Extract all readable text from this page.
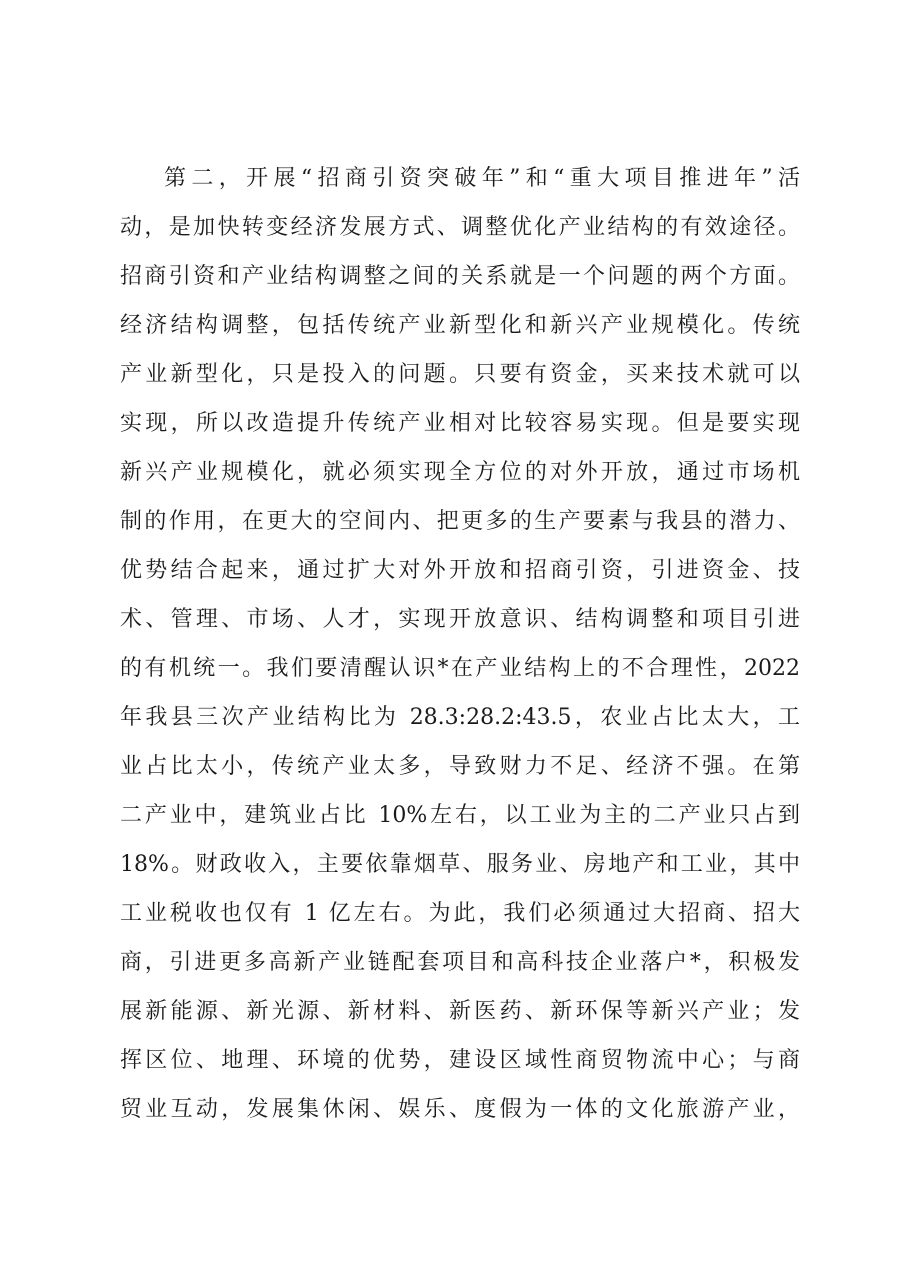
第二，开展“招商引资突破年”和“重大项目推进年”活
动，是加快转变经济发展方式、调整优化产业结构的有效途径。
招商引资和产业结构调整之间的关系就是一个问题的两个方面。
经济结构调整，包括传统产业新型化和新兴产业规模化。传统
产业新型化，只是投入的问题。只要有资金，买来技术就可以
实现，所以改造提升传统产业相对比较容易实现。但是要实现
新兴产业规模化，就必须实现全方位的对外开放，通过市场机
制的作用，在更大的空间内、把更多的生产要素与我县的潜力、
优势结合起来，通过扩大对外开放和招商引资，引进资金、技
术、管理、市场、人才，实现开放意识、结构调整和项目引进
的有机统一。我们要清醒认识*在产业结构上的不合理性，2022
年我县三次产业结构比为 28.3:28.2:43.5，农业占比太大，工
业占比太小，传统产业太多，导致财力不足、经济不强。在第
二产业中，建筑业占比 10%左右，以工业为主的二产业只占到
18%。财政收入，主要依靠烟草、服务业、房地产和工业，其中
工业税收也仅有 1 亿左右。为此，我们必须通过大招商、招大
商，引进更多高新产业链配套项目和高科技企业落户*，积极发
展新能源、新光源、新材料、新医药、新环保等新兴产业；发
挥区位、地理、环境的优势，建设区域性商贸物流中心；与商
贸业互动，发展集休闲、娱乐、度假为一体的文化旅游产业，
